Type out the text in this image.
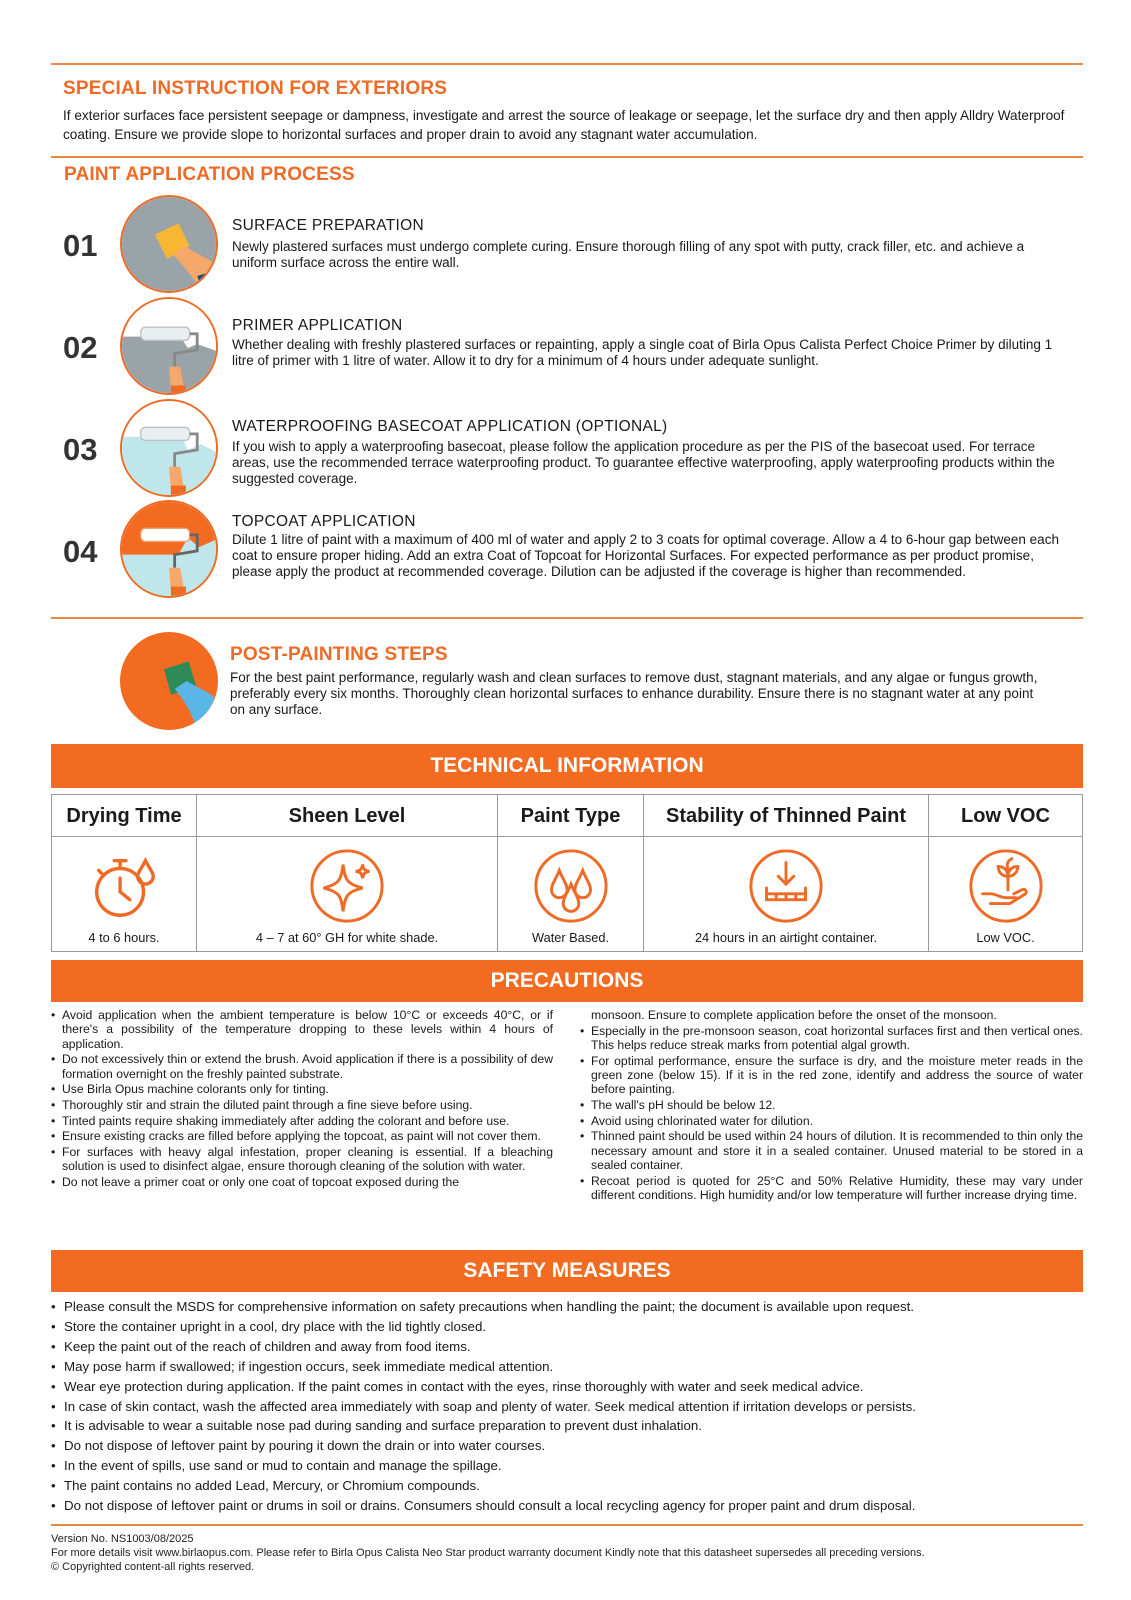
SPECIAL INSTRUCTION FOR EXTERIORS
If exterior surfaces face persistent seepage or dampness, investigate and arrest the source of leakage or seepage, let the surface dry and then apply Alldry Waterproof coating. Ensure we provide slope to horizontal surfaces and proper drain to avoid any stagnant water accumulation.
PAINT APPLICATION PROCESS
01
SURFACE PREPARATION
Newly plastered surfaces must undergo complete curing. Ensure thorough filling of any spot with putty, crack filler, etc. and achieve a uniform surface across the entire wall.
02
PRIMER APPLICATION
Whether dealing with freshly plastered surfaces or repainting, apply a single coat of Birla Opus Calista Perfect Choice Primer by diluting 1 litre of primer with 1 litre of water. Allow it to dry for a minimum of 4 hours under adequate sunlight.
03
WATERPROOFING BASECOAT APPLICATION (OPTIONAL)
If you wish to apply a waterproofing basecoat, please follow the application procedure as per the PIS of the basecoat used. For terrace areas, use the recommended terrace waterproofing product. To guarantee effective waterproofing, apply waterproofing products within the suggested coverage.
04
TOPCOAT APPLICATION
Dilute 1 litre of paint with a maximum of 400 ml of water and apply 2 to 3 coats for optimal coverage. Allow a 4 to 6-hour gap between each coat to ensure proper hiding. Add an extra Coat of Topcoat for Horizontal Surfaces. For expected performance as per product promise, please apply the product at recommended coverage. Dilution can be adjusted if the coverage is higher than recommended.
POST-PAINTING STEPS
For the best paint performance, regularly wash and clean surfaces to remove dust, stagnant materials, and any algae or fungus growth, preferably every six months. Thoroughly clean horizontal surfaces to enhance durability. Ensure there is no stagnant water at any point on any surface.
TECHNICAL INFORMATION
Drying Time
4 to 6 hours.
Sheen Level
4 – 7 at 60° GH for white shade.
Paint Type
Water Based.
Stability of Thinned Paint
24 hours in an airtight container.
Low VOC
Low VOC.
PRECAUTIONS
• Avoid application when the ambient temperature is below 10°C or exceeds 40°C, or if there's a possibility of the temperature dropping to these levels within 4 hours of application.
• Do not excessively thin or extend the brush. Avoid application if there is a possibility of dew formation overnight on the freshly painted substrate.
• Use Birla Opus machine colorants only for tinting.
• Thoroughly stir and strain the diluted paint through a fine sieve before using.
• Tinted paints require shaking immediately after adding the colorant and before use.
• Ensure existing cracks are filled before applying the topcoat, as paint will not cover them.
• For surfaces with heavy algal infestation, proper cleaning is essential. If a bleaching solution is used to disinfect algae, ensure thorough cleaning of the solution with water.
• Do not leave a primer coat or only one coat of topcoat exposed during the
monsoon. Ensure to complete application before the onset of the monsoon.
• Especially in the pre-monsoon season, coat horizontal surfaces first and then vertical ones. This helps reduce streak marks from potential algal growth.
• For optimal performance, ensure the surface is dry, and the moisture meter reads in the green zone (below 15). If it is in the red zone, identify and address the source of water before painting.
• The wall's pH should be below 12.
• Avoid using chlorinated water for dilution.
• Thinned paint should be used within 24 hours of dilution. It is recommended to thin only the necessary amount and store it in a sealed container. Unused material to be stored in a sealed container.
• Recoat period is quoted for 25°C and 50% Relative Humidity, these may vary under different conditions. High humidity and/or low temperature will further increase drying time.
SAFETY MEASURES
• Please consult the MSDS for comprehensive information on safety precautions when handling the paint; the document is available upon request.
• Store the container upright in a cool, dry place with the lid tightly closed.
• Keep the paint out of the reach of children and away from food items.
• May pose harm if swallowed; if ingestion occurs, seek immediate medical attention.
• Wear eye protection during application. If the paint comes in contact with the eyes, rinse thoroughly with water and seek medical advice.
• In case of skin contact, wash the affected area immediately with soap and plenty of water. Seek medical attention if irritation develops or persists.
• It is advisable to wear a suitable nose pad during sanding and surface preparation to prevent dust inhalation.
• Do not dispose of leftover paint by pouring it down the drain or into water courses.
• In the event of spills, use sand or mud to contain and manage the spillage.
• The paint contains no added Lead, Mercury, or Chromium compounds.
• Do not dispose of leftover paint or drums in soil or drains. Consumers should consult a local recycling agency for proper paint and drum disposal.
Version No. NS1003/08/2025
For more details visit www.birlaopus.com. Please refer to Birla Opus Calista Neo Star product warranty document Kindly note that this datasheet supersedes all preceding versions.
© Copyrighted content-all rights reserved.
